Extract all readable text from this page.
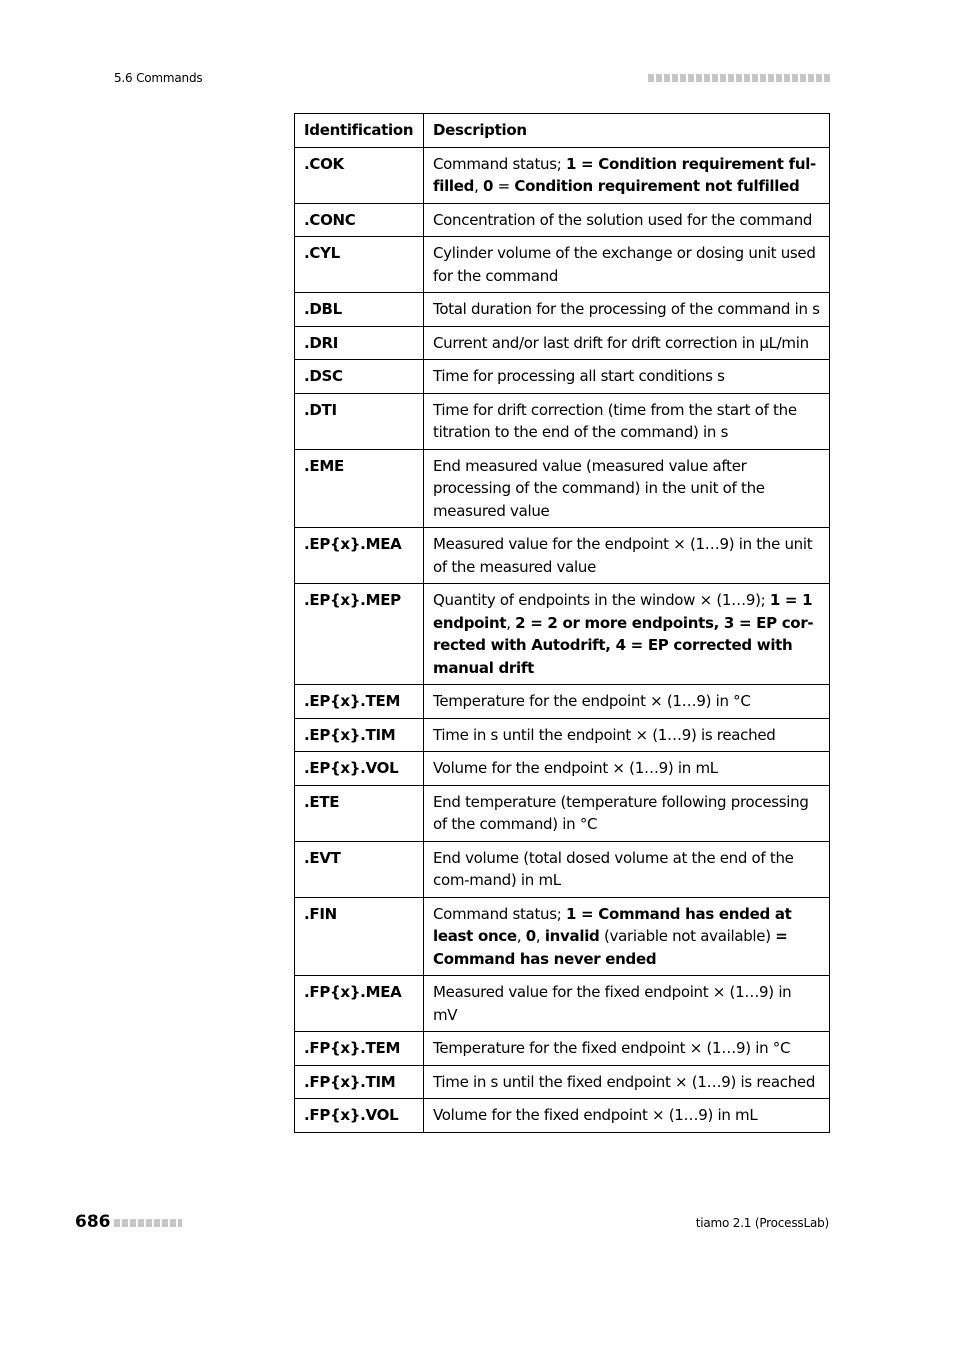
5.6 Commands
Identification	Description
.COK	Command status; 1 = Condition requirement ful-filled, 0 = Condition requirement not fulfilled
.CONC	Concentration of the solution used for the command
.CYL	Cylinder volume of the exchange or dosing unit used for the command
.DBL	Total duration for the processing of the command in s
.DRI	Current and/or last drift for drift correction in µL/min
.DSC	Time for processing all start conditions s
.DTI	Time for drift correction (time from the start of the titration to the end of the command) in s
.EME	End measured value (measured value after processing of the command) in the unit of the measured value
.EP{x}.MEA	Measured value for the endpoint × (1…9) in the unit of the measured value
.EP{x}.MEP	Quantity of endpoints in the window × (1…9); 1 = 1 endpoint, 2 = 2 or more endpoints, 3 = EP cor-rected with Autodrift, 4 = EP corrected with manual drift
.EP{x}.TEM	Temperature for the endpoint × (1…9) in °C
.EP{x}.TIM	Time in s until the endpoint × (1…9) is reached
.EP{x}.VOL	Volume for the endpoint × (1…9) in mL
.ETE	End temperature (temperature following processing of the command) in °C
.EVT	End volume (total dosed volume at the end of the com-mand) in mL
.FIN	Command status; 1 = Command has ended at least once, 0, invalid (variable not available) = Command has never ended
.FP{x}.MEA	Measured value for the fixed endpoint × (1…9) in mV
.FP{x}.TEM	Temperature for the fixed endpoint × (1…9) in °C
.FP{x}.TIM	Time in s until the fixed endpoint × (1…9) is reached
.FP{x}.VOL	Volume for the fixed endpoint × (1…9) in mL
686	tiamo 2.1 (ProcessLab)
